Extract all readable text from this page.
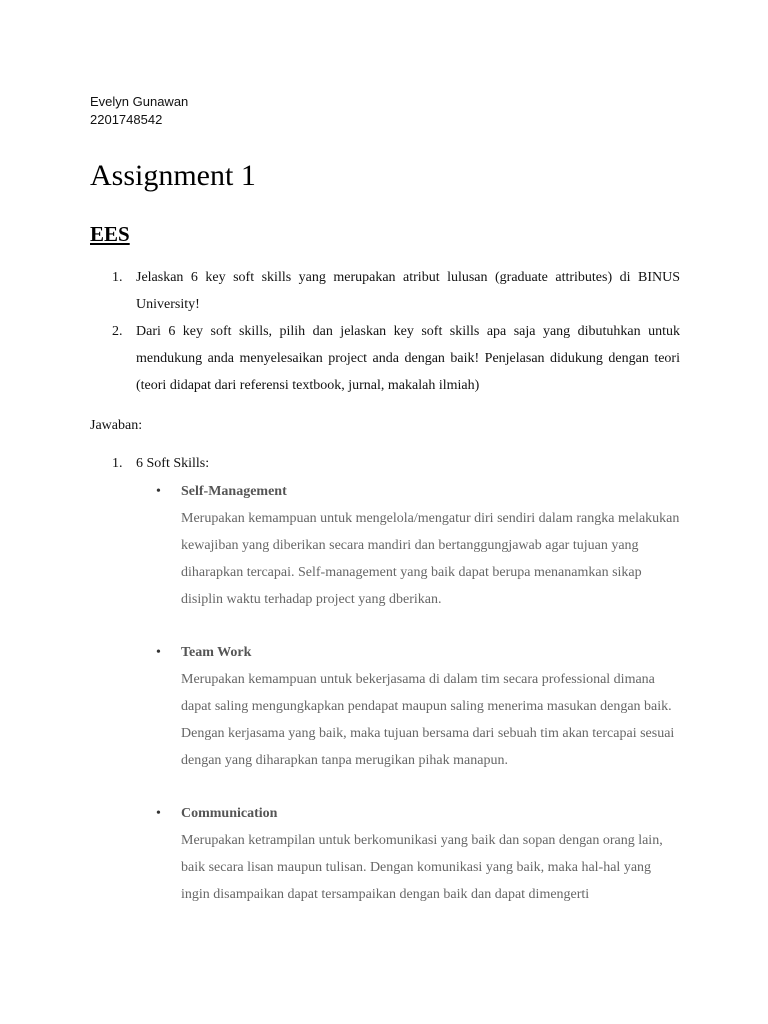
Evelyn Gunawan
2201748542
Assignment 1
EES
1. Jelaskan 6 key soft skills yang merupakan atribut lulusan (graduate attributes) di BINUS University!
2. Dari 6 key soft skills, pilih dan jelaskan key soft skills apa saja yang dibutuhkan untuk mendukung anda menyelesaikan project anda dengan baik! Penjelasan didukung dengan teori (teori didapat dari referensi textbook, jurnal, makalah ilmiah)
Jawaban:
1. 6 Soft Skills:
• Self-Management
Merupakan kemampuan untuk mengelola/mengatur diri sendiri dalam rangka melakukan kewajiban yang diberikan secara mandiri dan bertanggungjawab agar tujuan yang diharapkan tercapai. Self-management yang baik dapat berupa menanamkan sikap disiplin waktu terhadap project yang dberikan.
• Team Work
Merupakan kemampuan untuk bekerjasama di dalam tim secara professional dimana dapat saling mengungkapkan pendapat maupun saling menerima masukan dengan baik. Dengan kerjasama yang baik, maka tujuan bersama dari sebuah tim akan tercapai sesuai dengan yang diharapkan tanpa merugikan pihak manapun.
• Communication
Merupakan ketrampilan untuk berkomunikasi yang baik dan sopan dengan orang lain, baik secara lisan maupun tulisan. Dengan komunikasi yang baik, maka hal-hal yang ingin disampaikan dapat tersampaikan dengan baik dan dapat dimengerti
